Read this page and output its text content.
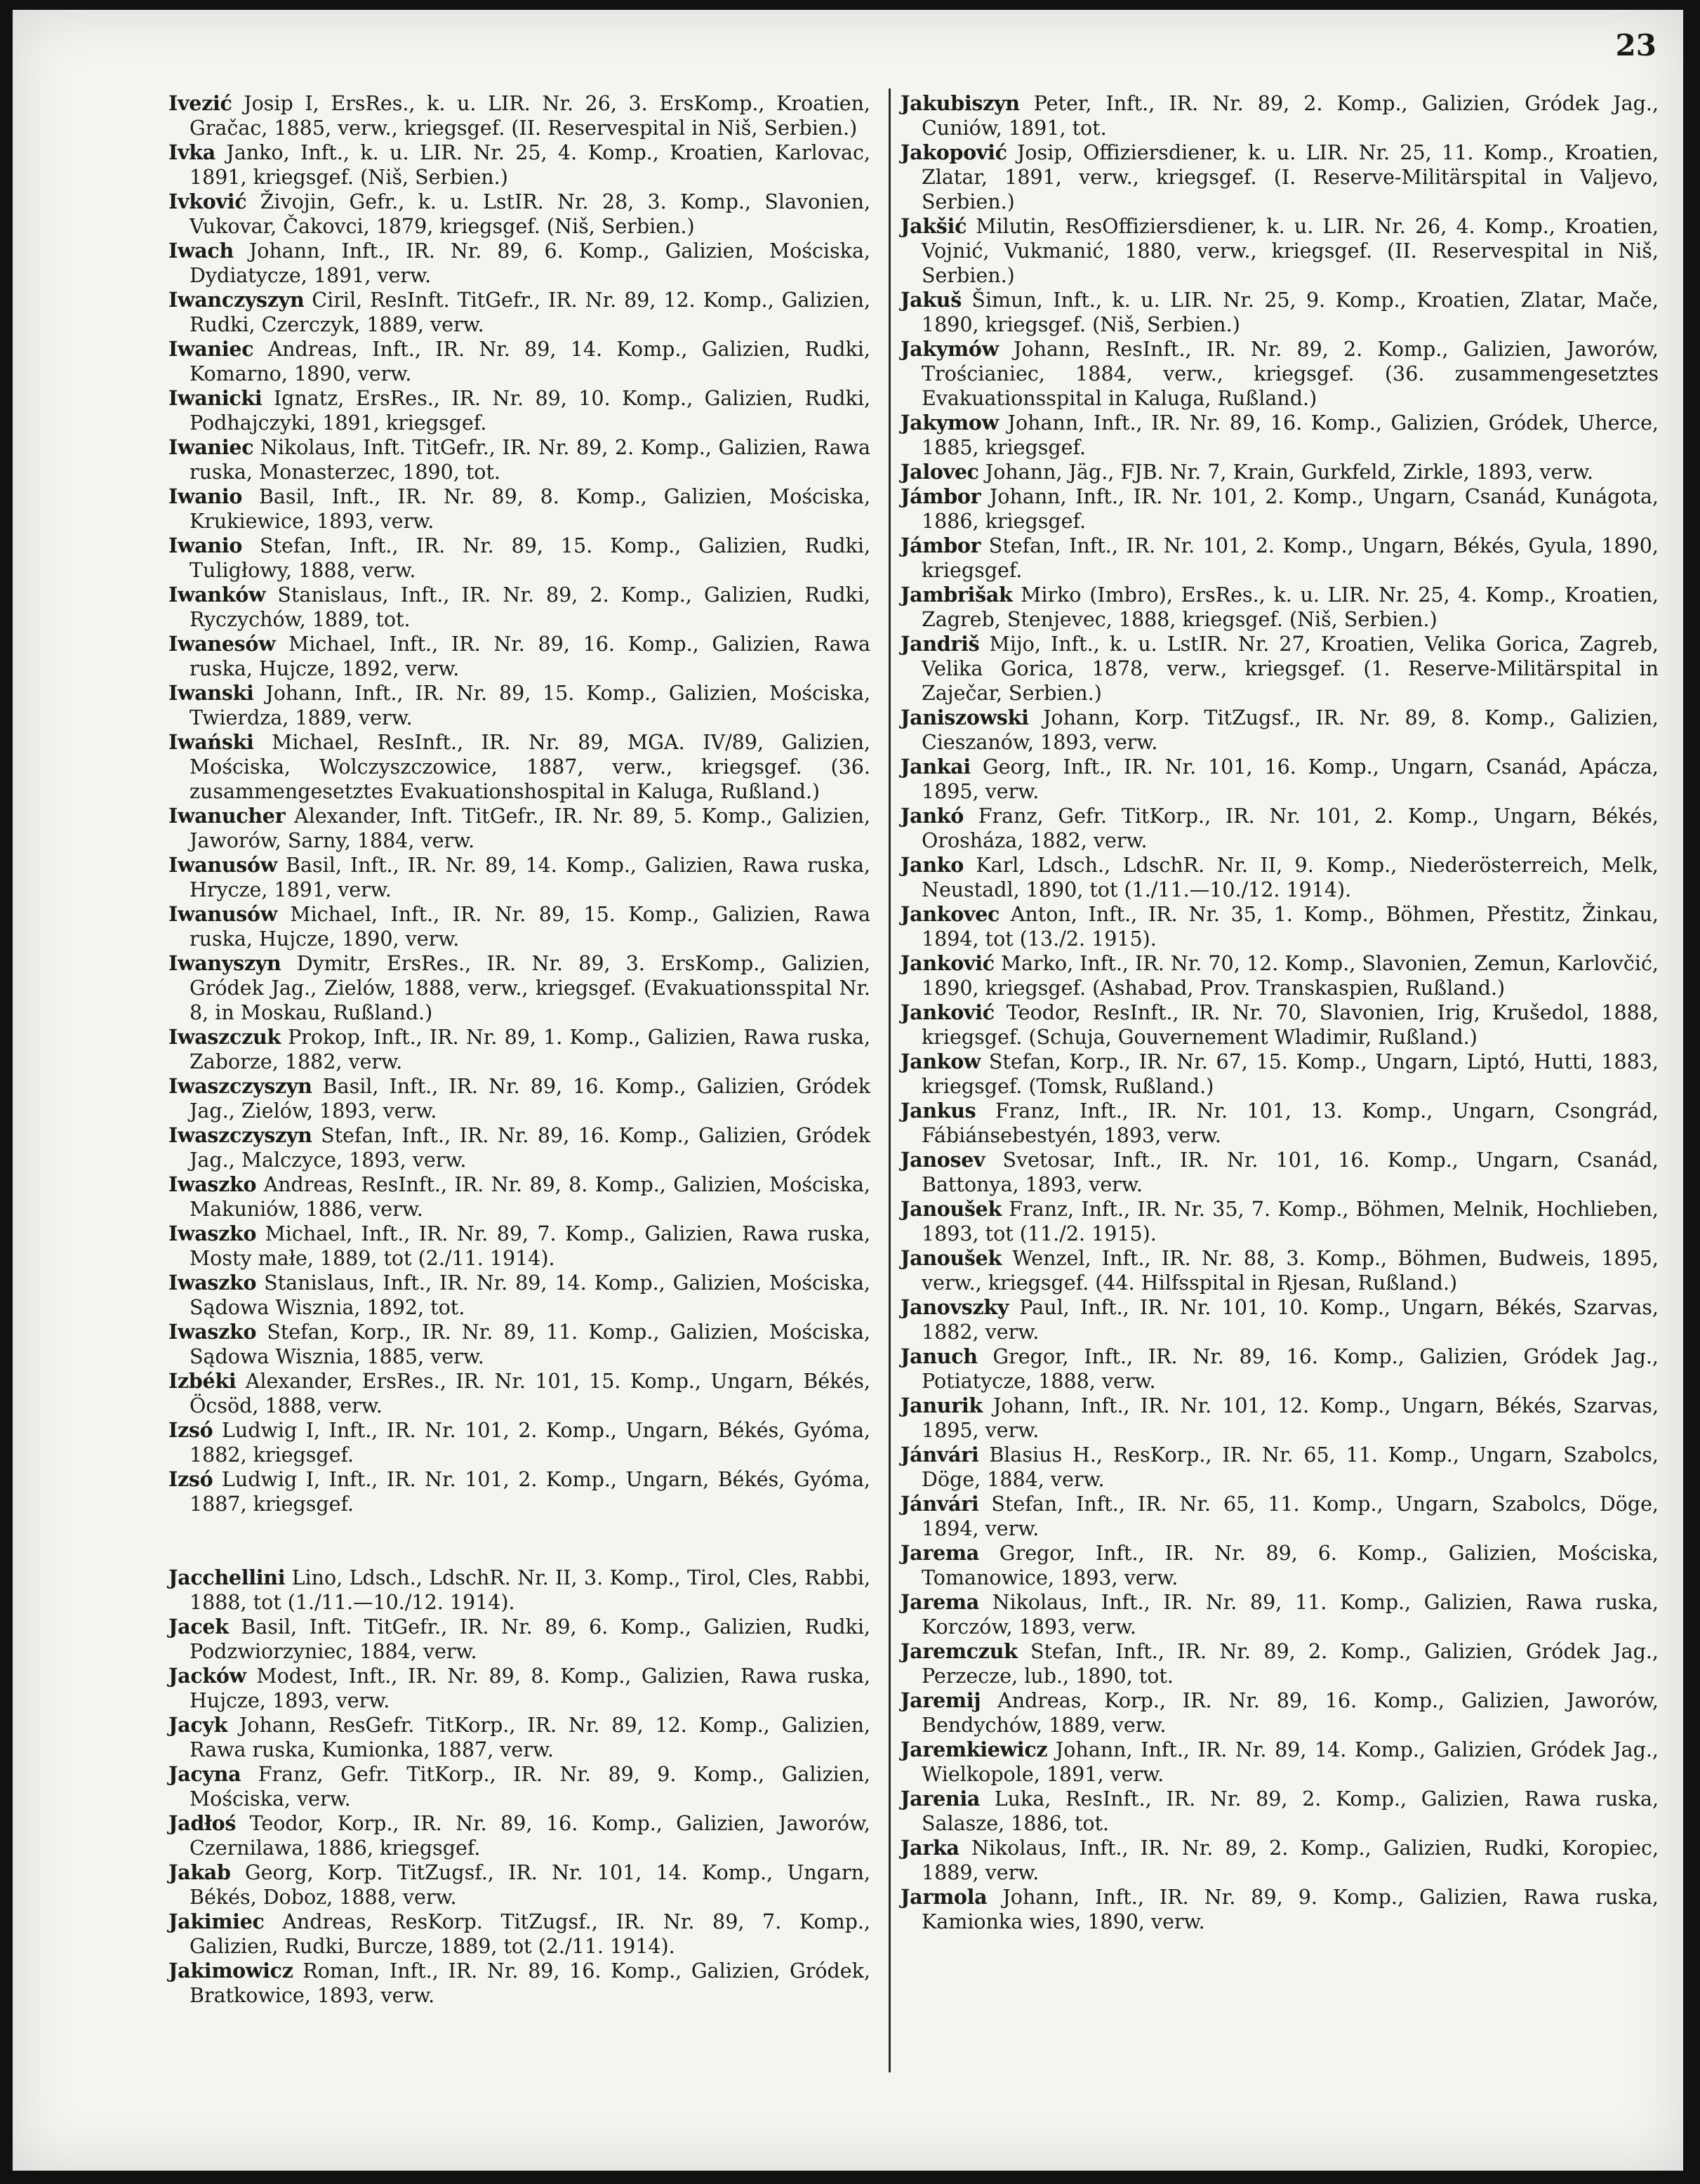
23

Ivezić Josip I, ErsRes., k. u. LIR. Nr. 26, 3. ErsKomp., Kroatien, Gračac, 1885, verw., kriegsgef. (II. Reservespital in Niš, Serbien.)

Ivka Janko, Inft., k. u. LIR. Nr. 25, 4. Komp., Kroatien, Karlovac, 1891, kriegsgef. (Niš, Serbien.)

Ivković Živojin, Gefr., k. u. LstIR. Nr. 28, 3. Komp., Slavonien, Vukovar, Čakovci, 1879, kriegsgef. (Niš, Serbien.)

Iwach Johann, Inft., IR. Nr. 89, 6. Komp., Galizien, Mościska, Dydiatycze, 1891, verw.

Iwanczyszyn Ciril, ResInft. TitGefr., IR. Nr. 89, 12. Komp., Galizien, Rudki, Czerczyk, 1889, verw.

Iwaniec Andreas, Inft., IR. Nr. 89, 14. Komp., Galizien, Rudki, Komarno, 1890, verw.

Iwanicki Ignatz, ErsRes., IR. Nr. 89, 10. Komp., Galizien, Rudki, Podhajczyki, 1891, kriegsgef.

Iwaniec Nikolaus, Inft. TitGefr., IR. Nr. 89, 2. Komp., Galizien, Rawa ruska, Monasterzec, 1890, tot.

Iwanio Basil, Inft., IR. Nr. 89, 8. Komp., Galizien, Mościska, Krukiewice, 1893, verw.

Iwanio Stefan, Inft., IR. Nr. 89, 15. Komp., Galizien, Rudki, Tuligłowy, 1888, verw.

Iwanków Stanislaus, Inft., IR. Nr. 89, 2. Komp., Galizien, Rudki, Ryczychów, 1889, tot.

Iwanesów Michael, Inft., IR. Nr. 89, 16. Komp., Galizien, Rawa ruska, Hujcze, 1892, verw.

Iwanski Johann, Inft., IR. Nr. 89, 15. Komp., Galizien, Mościska, Twierdza, 1889, verw.

Iwański Michael, ResInft., IR. Nr. 89, MGA. IV/89, Galizien, Mościska, Wolczyszczowice, 1887, verw., kriegsgef. (36. zusammengesetztes Evakuationshospital in Kaluga, Rußland.)

Iwanucher Alexander, Inft. TitGefr., IR. Nr. 89, 5. Komp., Galizien, Jaworów, Sarny, 1884, verw.

Iwanusów Basil, Inft., IR. Nr. 89, 14. Komp., Galizien, Rawa ruska, Hrycze, 1891, verw.

Iwanusów Michael, Inft., IR. Nr. 89, 15. Komp., Galizien, Rawa ruska, Hujcze, 1890, verw.

Iwanyszyn Dymitr, ErsRes., IR. Nr. 89, 3. ErsKomp., Galizien, Gródek Jag., Zielów, 1888, verw., kriegsgef. (Evakuationsspital Nr. 8, in Moskau, Rußland.)

Iwaszczuk Prokop, Inft., IR. Nr. 89, 1. Komp., Galizien, Rawa ruska, Zaborze, 1882, verw.

Iwaszczyszyn Basil, Inft., IR. Nr. 89, 16. Komp., Galizien, Gródek Jag., Zielów, 1893, verw.

Iwaszczyszyn Stefan, Inft., IR. Nr. 89, 16. Komp., Galizien, Gródek Jag., Malczyce, 1893, verw.

Iwaszko Andreas, ResInft., IR. Nr. 89, 8. Komp., Galizien, Mościska, Makuniów, 1886, verw.

Iwaszko Michael, Inft., IR. Nr. 89, 7. Komp., Galizien, Rawa ruska, Mosty małe, 1889, tot (2./11. 1914).

Iwaszko Stanislaus, Inft., IR. Nr. 89, 14. Komp., Galizien, Mościska, Sądowa Wisznia, 1892, tot.

Iwaszko Stefan, Korp., IR. Nr. 89, 11. Komp., Galizien, Mościska, Sądowa Wisznia, 1885, verw.

Izbéki Alexander, ErsRes., IR. Nr. 101, 15. Komp., Ungarn, Békés, Öcsöd, 1888, verw.

Izsó Ludwig I, Inft., IR. Nr. 101, 2. Komp., Ungarn, Békés, Gyóma, 1882, kriegsgef.

Izsó Ludwig I, Inft., IR. Nr. 101, 2. Komp., Ungarn, Békés, Gyóma, 1887, kriegsgef.

Jacchellini Lino, Ldsch., LdschR. Nr. II, 3. Komp., Tirol, Cles, Rabbi, 1888, tot (1./11.—10./12. 1914).

Jacek Basil, Inft. TitGefr., IR. Nr. 89, 6. Komp., Galizien, Rudki, Podzwiorzyniec, 1884, verw.

Jacków Modest, Inft., IR. Nr. 89, 8. Komp., Galizien, Rawa ruska, Hujcze, 1893, verw.

Jacyk Johann, ResGefr. TitKorp., IR. Nr. 89, 12. Komp., Galizien, Rawa ruska, Kumionka, 1887, verw.

Jacyna Franz, Gefr. TitKorp., IR. Nr. 89, 9. Komp., Galizien, Mościska, verw.

Jadłoś Teodor, Korp., IR. Nr. 89, 16. Komp., Galizien, Jaworów, Czernilawa, 1886, kriegsgef.

Jakab Georg, Korp. TitZugsf., IR. Nr. 101, 14. Komp., Ungarn, Békés, Doboz, 1888, verw.

Jakimiec Andreas, ResKorp. TitZugsf., IR. Nr. 89, 7. Komp., Galizien, Rudki, Burcze, 1889, tot (2./11. 1914).

Jakimowicz Roman, Inft., IR. Nr. 89, 16. Komp., Galizien, Gródek, Bratkowice, 1893, verw.

Jakubiszyn Peter, Inft., IR. Nr. 89, 2. Komp., Galizien, Gródek Jag., Cuniów, 1891, tot.

Jakopović Josip, Offiziersdiener, k. u. LIR. Nr. 25, 11. Komp., Kroatien, Zlatar, 1891, verw., kriegsgef. (I. Reserve-Militärspital in Valjevo, Serbien.)

Jakšić Milutin, ResOffiziersdiener, k. u. LIR. Nr. 26, 4. Komp., Kroatien, Vojnić, Vukmanić, 1880, verw., kriegsgef. (II. Reservespital in Niš, Serbien.)

Jakuš Šimun, Inft., k. u. LIR. Nr. 25, 9. Komp., Kroatien, Zlatar, Mače, 1890, kriegsgef. (Niš, Serbien.)

Jakymów Johann, ResInft., IR. Nr. 89, 2. Komp., Galizien, Jaworów, Trościaniec, 1884, verw., kriegsgef. (36. zusammengesetztes Evakuationsspital in Kaluga, Rußland.)

Jakymow Johann, Inft., IR. Nr. 89, 16. Komp., Galizien, Gródek, Uherce, 1885, kriegsgef.

Jalovec Johann, Jäg., FJB. Nr. 7, Krain, Gurkfeld, Zirkle, 1893, verw.

Jámbor Johann, Inft., IR. Nr. 101, 2. Komp., Ungarn, Csanád, Kunágota, 1886, kriegsgef.

Jámbor Stefan, Inft., IR. Nr. 101, 2. Komp., Ungarn, Békés, Gyula, 1890, kriegsgef.

Jambrišak Mirko (Imbro), ErsRes., k. u. LIR. Nr. 25, 4. Komp., Kroatien, Zagreb, Stenjevec, 1888, kriegsgef. (Niš, Serbien.)

Jandriš Mijo, Inft., k. u. LstIR. Nr. 27, Kroatien, Velika Gorica, Zagreb, Velika Gorica, 1878, verw., kriegsgef. (1. Reserve-Militärspital in Zaječar, Serbien.)

Janiszowski Johann, Korp. TitZugsf., IR. Nr. 89, 8. Komp., Galizien, Cieszanów, 1893, verw.

Jankai Georg, Inft., IR. Nr. 101, 16. Komp., Ungarn, Csanád, Apácza, 1895, verw.

Jankó Franz, Gefr. TitKorp., IR. Nr. 101, 2. Komp., Ungarn, Békés, Orosháza, 1882, verw.

Janko Karl, Ldsch., LdschR. Nr. II, 9. Komp., Niederösterreich, Melk, Neustadl, 1890, tot (1./11.—10./12. 1914).

Jankovec Anton, Inft., IR. Nr. 35, 1. Komp., Böhmen, Přestitz, Žinkau, 1894, tot (13./2. 1915).

Janković Marko, Inft., IR. Nr. 70, 12. Komp., Slavonien, Zemun, Karlovčić, 1890, kriegsgef. (Ashabad, Prov. Transkaspien, Rußland.)

Janković Teodor, ResInft., IR. Nr. 70, Slavonien, Irig, Krušedol, 1888, kriegsgef. (Schuja, Gouvernement Wladimir, Rußland.)

Jankow Stefan, Korp., IR. Nr. 67, 15. Komp., Ungarn, Liptó, Hutti, 1883, kriegsgef. (Tomsk, Rußland.)

Jankus Franz, Inft., IR. Nr. 101, 13. Komp., Ungarn, Csongrád, Fábiánsebestyén, 1893, verw.

Janosev Svetosar, Inft., IR. Nr. 101, 16. Komp., Ungarn, Csanád, Battonya, 1893, verw.

Janoušek Franz, Inft., IR. Nr. 35, 7. Komp., Böhmen, Melnik, Hochlieben, 1893, tot (11./2. 1915).

Janoušek Wenzel, Inft., IR. Nr. 88, 3. Komp., Böhmen, Budweis, 1895, verw., kriegsgef. (44. Hilfsspital in Rjesan, Rußland.)

Janovszky Paul, Inft., IR. Nr. 101, 10. Komp., Ungarn, Békés, Szarvas, 1882, verw.

Januch Gregor, Inft., IR. Nr. 89, 16. Komp., Galizien, Gródek Jag., Potiatycze, 1888, verw.

Janurik Johann, Inft., IR. Nr. 101, 12. Komp., Ungarn, Békés, Szarvas, 1895, verw.

Jánvári Blasius H., ResKorp., IR. Nr. 65, 11. Komp., Ungarn, Szabolcs, Döge, 1884, verw.

Jánvári Stefan, Inft., IR. Nr. 65, 11. Komp., Ungarn, Szabolcs, Döge, 1894, verw.

Jarema Gregor, Inft., IR. Nr. 89, 6. Komp., Galizien, Mościska, Tomanowice, 1893, verw.

Jarema Nikolaus, Inft., IR. Nr. 89, 11. Komp., Galizien, Rawa ruska, Korczów, 1893, verw.

Jaremczuk Stefan, Inft., IR. Nr. 89, 2. Komp., Galizien, Gródek Jag., Perzecze, lub., 1890, tot.

Jaremij Andreas, Korp., IR. Nr. 89, 16. Komp., Galizien, Jaworów, Bendychów, 1889, verw.

Jaremkiewicz Johann, Inft., IR. Nr. 89, 14. Komp., Galizien, Gródek Jag., Wielkopole, 1891, verw.

Jarenia Luka, ResInft., IR. Nr. 89, 2. Komp., Galizien, Rawa ruska, Salasze, 1886, tot.

Jarka Nikolaus, Inft., IR. Nr. 89, 2. Komp., Galizien, Rudki, Koropiec, 1889, verw.

Jarmola Johann, Inft., IR. Nr. 89, 9. Komp., Galizien, Rawa ruska, Kamionka wies, 1890, verw.
